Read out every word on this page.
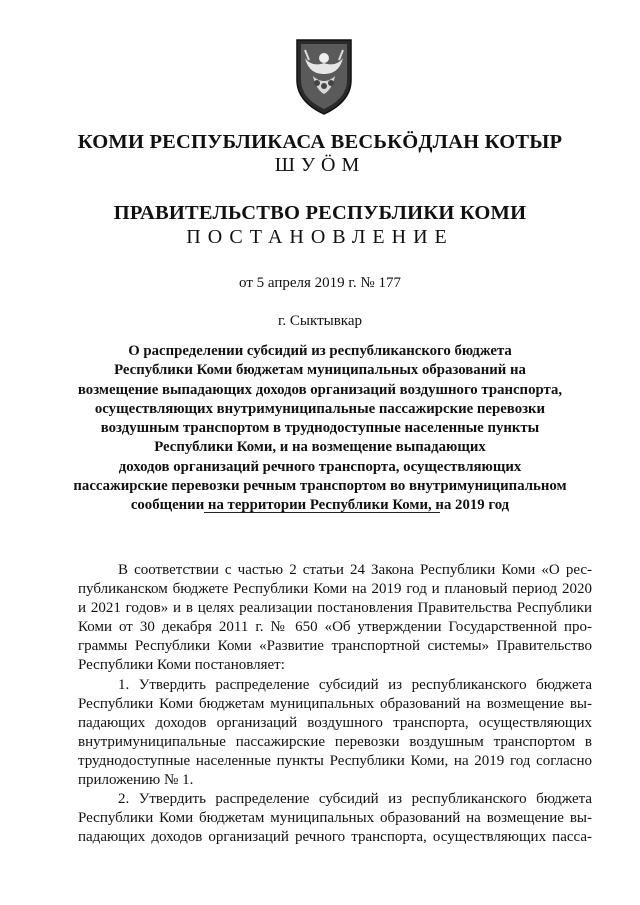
КОМИ РЕСПУБЛИКАСА ВЕСЬКӦДЛАН КОТЫР
ШУӦМ
ПРАВИТЕЛЬСТВО РЕСПУБЛИКИ КОМИ
ПОСТАНОВЛЕНИЕ
от 5 апреля 2019 г. № 177
г. Сыктывкар
О распределении субсидий из республиканского бюджета
Республики Коми бюджетам муниципальных образований на
возмещение выпадающих доходов организаций воздушного транспорта,
осуществляющих внутримуниципальные пассажирские перевозки
воздушным транспортом в труднодоступные населенные пункты
Республики Коми, и на возмещение выпадающих
доходов организаций речного транспорта, осуществляющих
пассажирские перевозки речным транспортом во внутримуниципальном
сообщении на территории Республики Коми, на 2019 год
В соответствии с частью 2 статьи 24 Закона Республики Коми «О рес-
публиканском бюджете Республики Коми на 2019 год и плановый период 2020
и 2021 годов» и в целях реализации постановления Правительства Республики
Коми от 30 декабря 2011 г. № 650 «Об утверждении Государственной про-
граммы Республики Коми «Развитие транспортной системы» Правительство
Республики Коми постановляет:
1. Утвердить распределение субсидий из республиканского бюджета
Республики Коми бюджетам муниципальных образований на возмещение вы-
падающих доходов организаций воздушного транспорта, осуществляющих
внутримуниципальные пассажирские перевозки воздушным транспортом в
труднодоступные населенные пункты Республики Коми, на 2019 год согласно
приложению № 1.
2. Утвердить распределение субсидий из республиканского бюджета
Республики Коми бюджетам муниципальных образований на возмещение вы-
падающих доходов организаций речного транспорта, осуществляющих пасса-
